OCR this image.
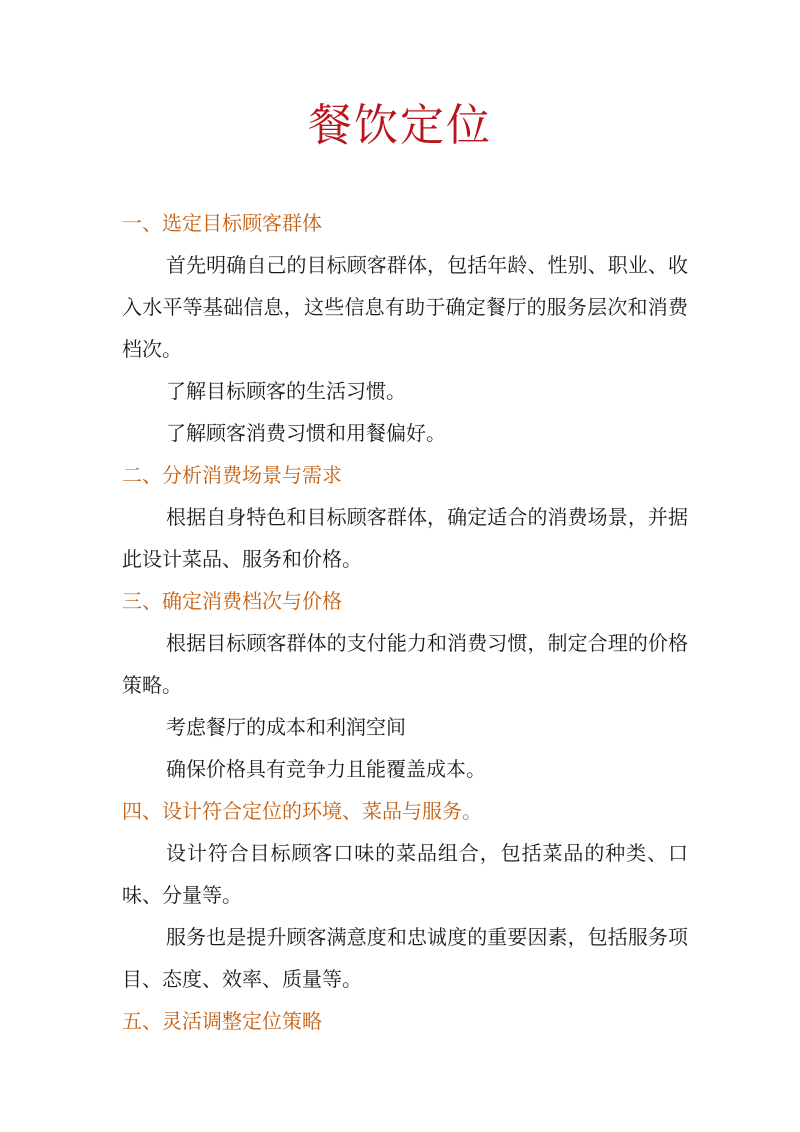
餐饮定位
一、选定目标顾客群体
首先明确自己的目标顾客群体，包括年龄、性别、职业、收入水平等基础信息，这些信息有助于确定餐厅的服务层次和消费档次。
了解目标顾客的生活习惯。
了解顾客消费习惯和用餐偏好。
二、分析消费场景与需求
根据自身特色和目标顾客群体，确定适合的消费场景，并据此设计菜品、服务和价格。
三、确定消费档次与价格
根据目标顾客群体的支付能力和消费习惯，制定合理的价格策略。
考虑餐厅的成本和利润空间
确保价格具有竞争力且能覆盖成本。
四、设计符合定位的环境、菜品与服务。
设计符合目标顾客口味的菜品组合，包括菜品的种类、口味、分量等。
服务也是提升顾客满意度和忠诚度的重要因素，包括服务项目、态度、效率、质量等。
五、灵活调整定位策略
